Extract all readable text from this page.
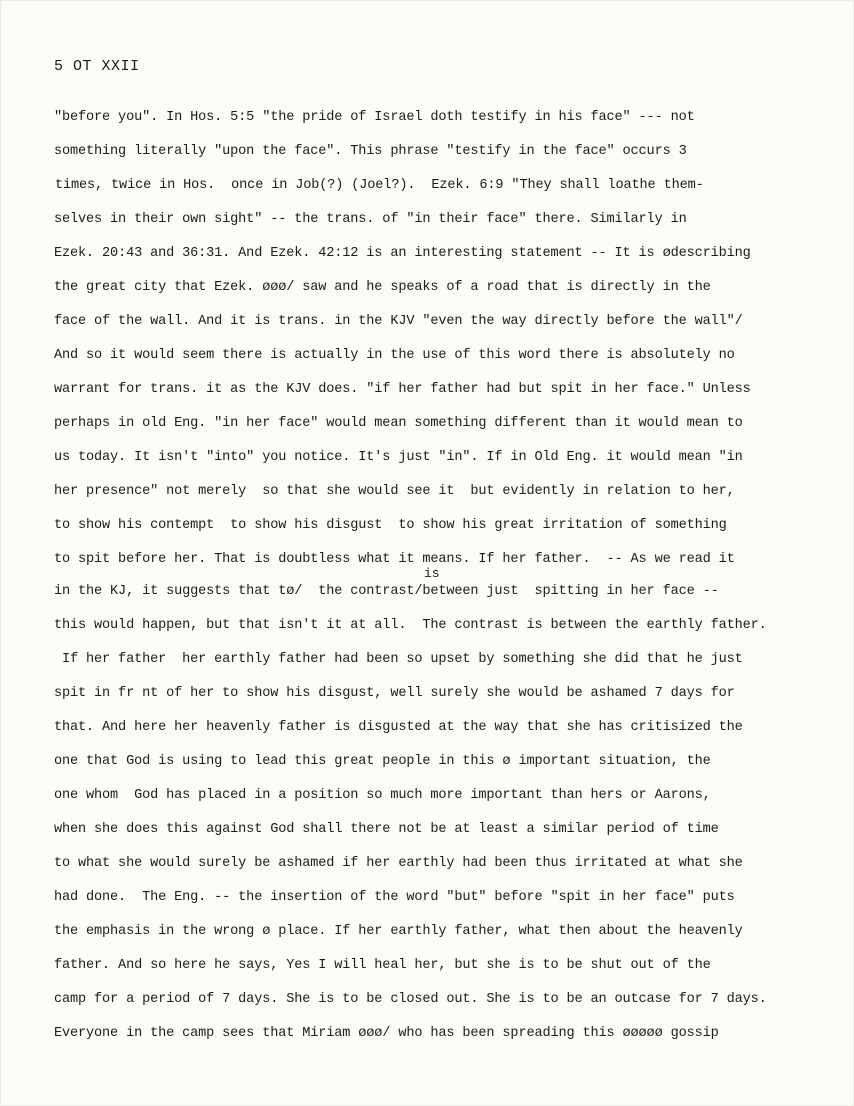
5 OT XXII
"before you". In Hos. 5:5 "the pride of Israel doth testify in his face" --- not
something literally "upon the face". This phrase "testify in the face" occurs 3
times, twice in Hos.  once in Job(?) (Joel?).  Ezek. 6:9 "They shall loathe them-
selves in their own sight" -- the trans. of "in their face" there. Similarly in
Ezek. 20:43 and 36:31. And Ezek. 42:12 is an interesting statement -- It is ødescribing
the great city that Ezek. øøø/ saw and he speaks of a road that is directly in the
face of the wall. And it is trans. in the KJV "even the way directly before the wall"/
And so it would seem there is actually in the use of this word there is absolutely no
warrant for trans. it as the KJV does. "if her father had but spit in her face." Unless
perhaps in old Eng. "in her face" would mean something different than it would mean to
us today. It isn't "into" you notice. It's just "in". If in Old Eng. it would mean "in
her presence" not merely  so that she would see it  but evidently in relation to her,
to show his contempt  to show his disgust  to show his great irritation of something
to spit before her. That is doubtless what it means. If her father.  -- As we read it
is
in the KJ, it suggests that tø/  the contrast/between just  spitting in her face --
this would happen, but that isn't it at all.  The contrast is between the earthly father.
If her father  her earthly father had been so upset by something she did that he just
spit in fr nt of her to show his disgust, well surely she would be ashamed 7 days for
that. And here her heavenly father is disgusted at the way that she has critisized the
one that God is using to lead this great people in this ø important situation, the
one whom  God has placed in a position so much more important than hers or Aarons,
when she does this against God shall there not be at least a similar period of time
to what she would surely be ashamed if her earthly had been thus irritated at what she
had done.  The Eng. -- the insertion of the word "but" before "spit in her face" puts
the emphasis in the wrong ø place. If her earthly father, what then about the heavenly
father. And so here he says, Yes I will heal her, but she is to be shut out of the
camp for a period of 7 days. She is to be closed out. She is to be an outcase for 7 days.
Everyone in the camp sees that Miriam øøø/ who has been spreading this øøøøø gossip
